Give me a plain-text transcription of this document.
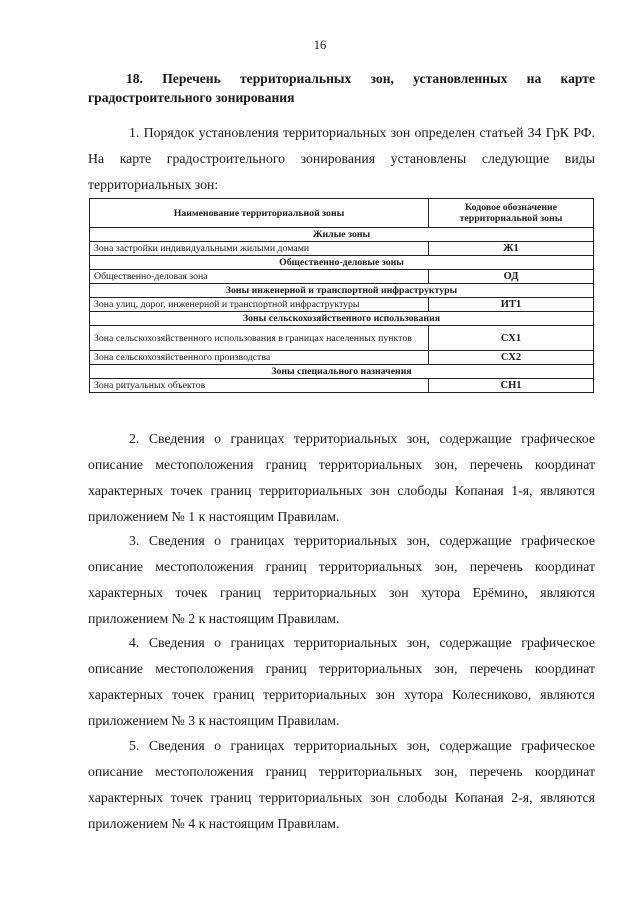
16
18. Перечень территориальных зон, установленных на карте градостроительного зонирования

1. Порядок установления территориальных зон определен статьей 34 ГрК РФ. На карте градостроительного зонирования установлены следующие виды территориальных зон:

Наименование территориальной зоны	Кодовое обозначение территориальной зоны
Жилые зоны	
Зона застройки индивидуальными жилыми домами	Ж1
Общественно-деловые зоны	
Общественно-деловая зона	ОД
Зоны инженерной и транспортной инфраструктуры	
Зона улиц, дорог, инженерной и транспортной инфраструктуры	ИТ1
Зоны сельскохозяйственного использования	
Зона сельскохозяйственного использования в границах населенных пунктов	СХ1
Зона сельскохозяйственного производства	СХ2
Зоны специального назначения	
Зона ритуальных объектов	СН1

2. Сведения о границах территориальных зон, содержащие графическое описание местоположения границ территориальных зон, перечень координат характерных точек границ территориальных зон слободы Копаная 1-я, являются приложением № 1 к настоящим Правилам.

3. Сведения о границах территориальных зон, содержащие графическое описание местоположения границ территориальных зон, перечень координат характерных точек границ территориальных зон хутора Ерёмино, являются приложением № 2 к настоящим Правилам.

4. Сведения о границах территориальных зон, содержащие графическое описание местоположения границ территориальных зон, перечень координат характерных точек границ территориальных зон хутора Колесниково, являются приложением № 3 к настоящим Правилам.

5. Сведения о границах территориальных зон, содержащие графическое описание местоположения границ территориальных зон, перечень координат характерных точек границ территориальных зон слободы Копаная 2-я, являются приложением № 4 к настоящим Правилам.
